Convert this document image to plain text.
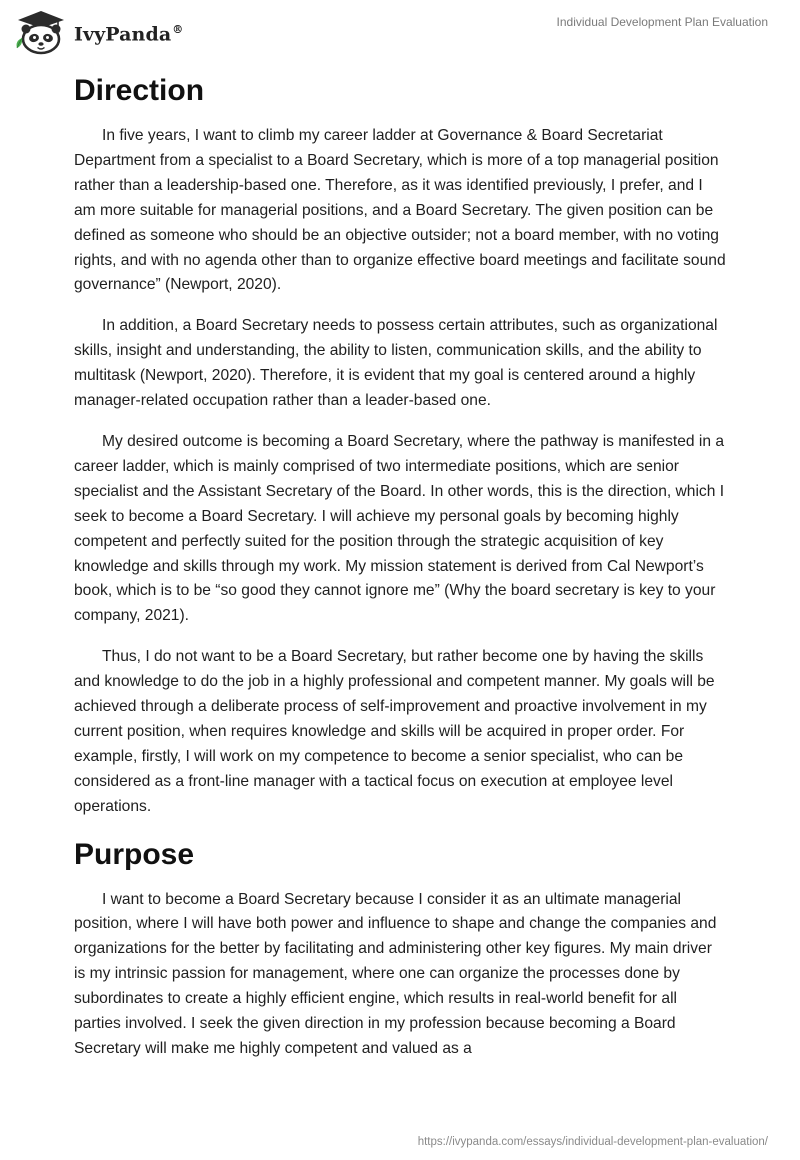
IvyPanda®
Individual Development Plan Evaluation
Direction

In five years, I want to climb my career ladder at Governance & Board Secretariat Department from a specialist to a Board Secretary, which is more of a top managerial position rather than a leadership-based one. Therefore, as it was identified previously, I prefer, and I am more suitable for managerial positions, and a Board Secretary. The given position can be defined as someone who should be an objective outsider; not a board member, with no voting rights, and with no agenda other than to organize effective board meetings and facilitate sound governance” (Newport, 2020).

In addition, a Board Secretary needs to possess certain attributes, such as organizational skills, insight and understanding, the ability to listen, communication skills, and the ability to multitask (Newport, 2020). Therefore, it is evident that my goal is centered around a highly manager-related occupation rather than a leader-based one.

My desired outcome is becoming a Board Secretary, where the pathway is manifested in a career ladder, which is mainly comprised of two intermediate positions, which are senior specialist and the Assistant Secretary of the Board. In other words, this is the direction, which I seek to become a Board Secretary. I will achieve my personal goals by becoming highly competent and perfectly suited for the position through the strategic acquisition of key knowledge and skills through my work. My mission statement is derived from Cal Newport’s book, which is to be “so good they cannot ignore me” (Why the board secretary is key to your company, 2021).

Thus, I do not want to be a Board Secretary, but rather become one by having the skills and knowledge to do the job in a highly professional and competent manner. My goals will be achieved through a deliberate process of self-improvement and proactive involvement in my current position, when requires knowledge and skills will be acquired in proper order. For example, firstly, I will work on my competence to become a senior specialist, who can be considered as a front-line manager with a tactical focus on execution at employee level operations.

Purpose

I want to become a Board Secretary because I consider it as an ultimate managerial position, where I will have both power and influence to shape and change the companies and organizations for the better by facilitating and administering other key figures. My main driver is my intrinsic passion for management, where one can organize the processes done by subordinates to create a highly efficient engine, which results in real-world benefit for all parties involved. I seek the given direction in my profession because becoming a Board Secretary will make me highly competent and valued as a

https://ivypanda.com/essays/individual-development-plan-evaluation/
